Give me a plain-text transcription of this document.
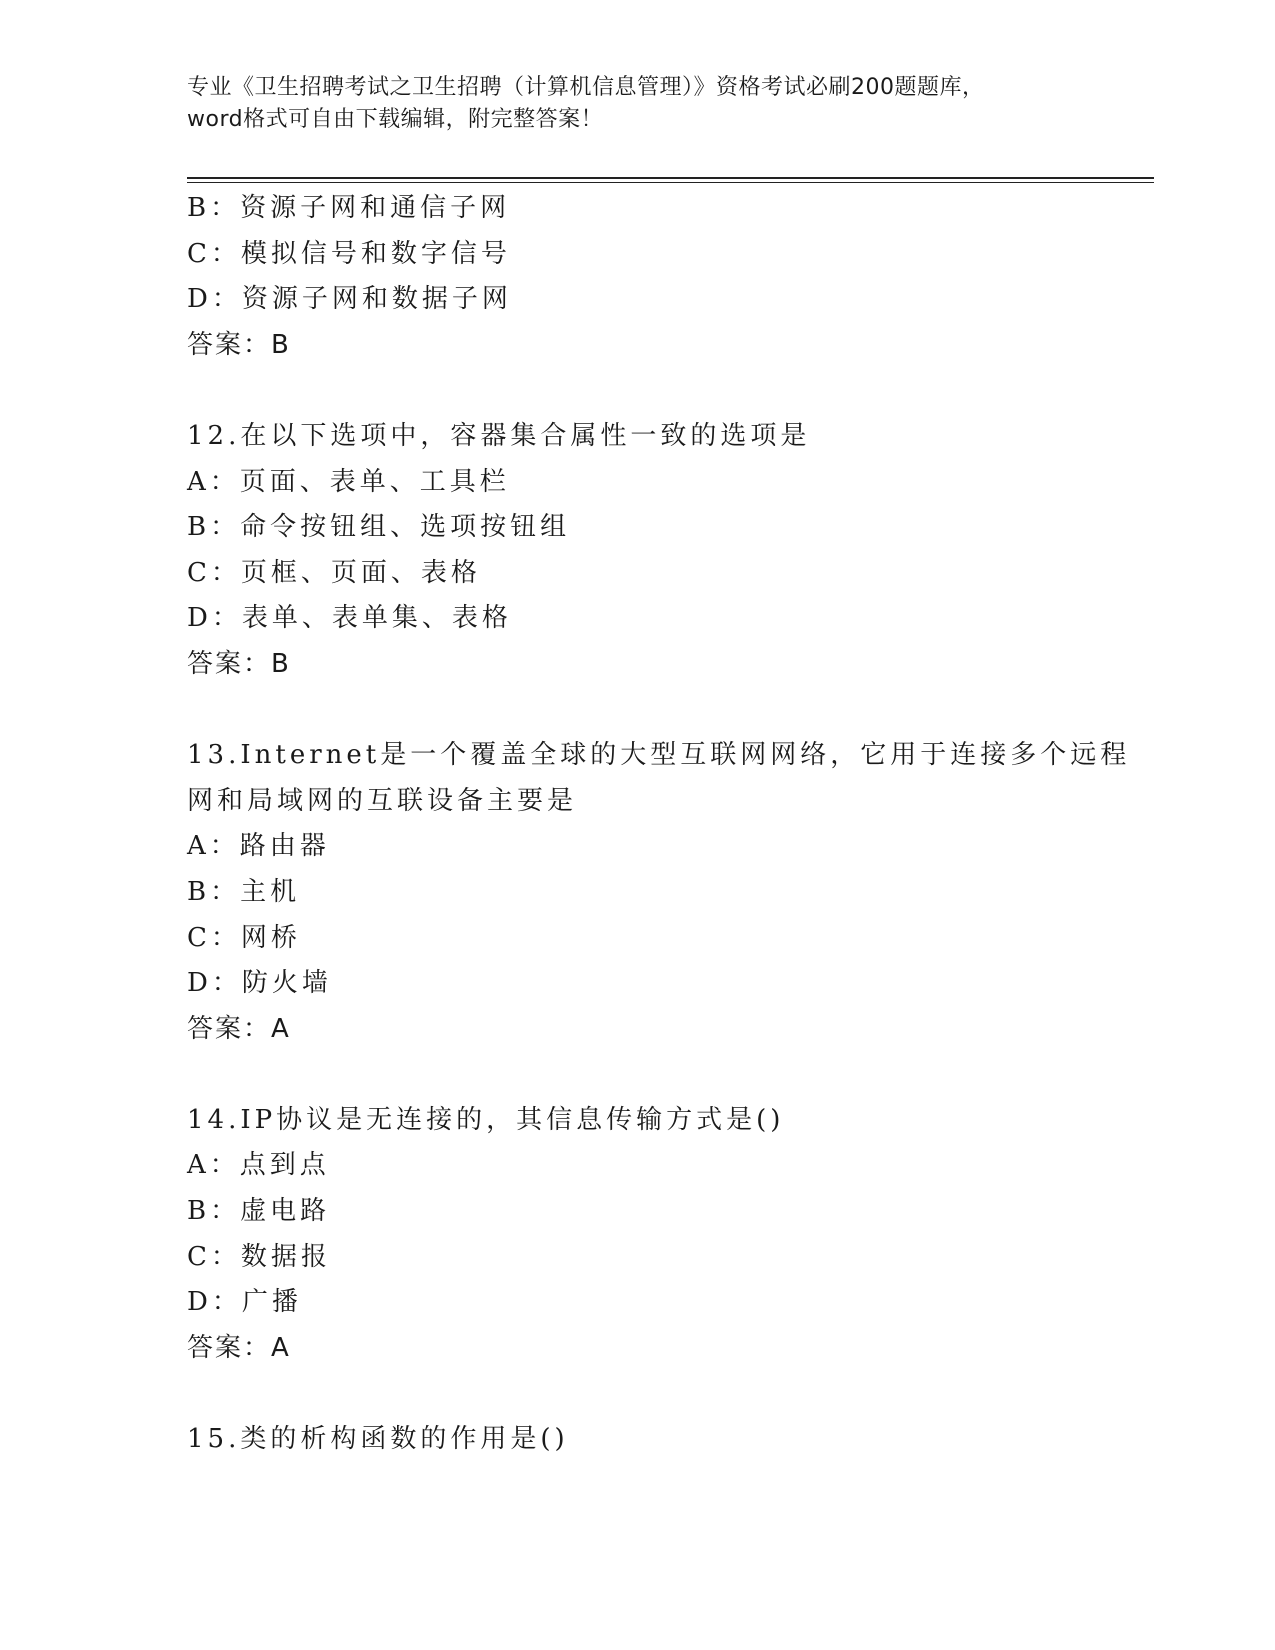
专业《卫生招聘考试之卫生招聘（计算机信息管理）》资格考试必刷200题题库，
word格式可自由下载编辑，附完整答案！
B：资源子网和通信子网
C：模拟信号和数字信号
D：资源子网和数据子网
答案：B
12.在以下选项中，容器集合属性一致的选项是
A：页面、表单、工具栏
B：命令按钮组、选项按钮组
C：页框、页面、表格
D：表单、表单集、表格
答案：B
13.Internet是一个覆盖全球的大型互联网网络，它用于连接多个远程
网和局域网的互联设备主要是
A：路由器
B：主机
C：网桥
D：防火墙
答案：A
14.IP协议是无连接的，其信息传输方式是()
A：点到点
B：虚电路
C：数据报
D：广播
答案：A
15.类的析构函数的作用是()
